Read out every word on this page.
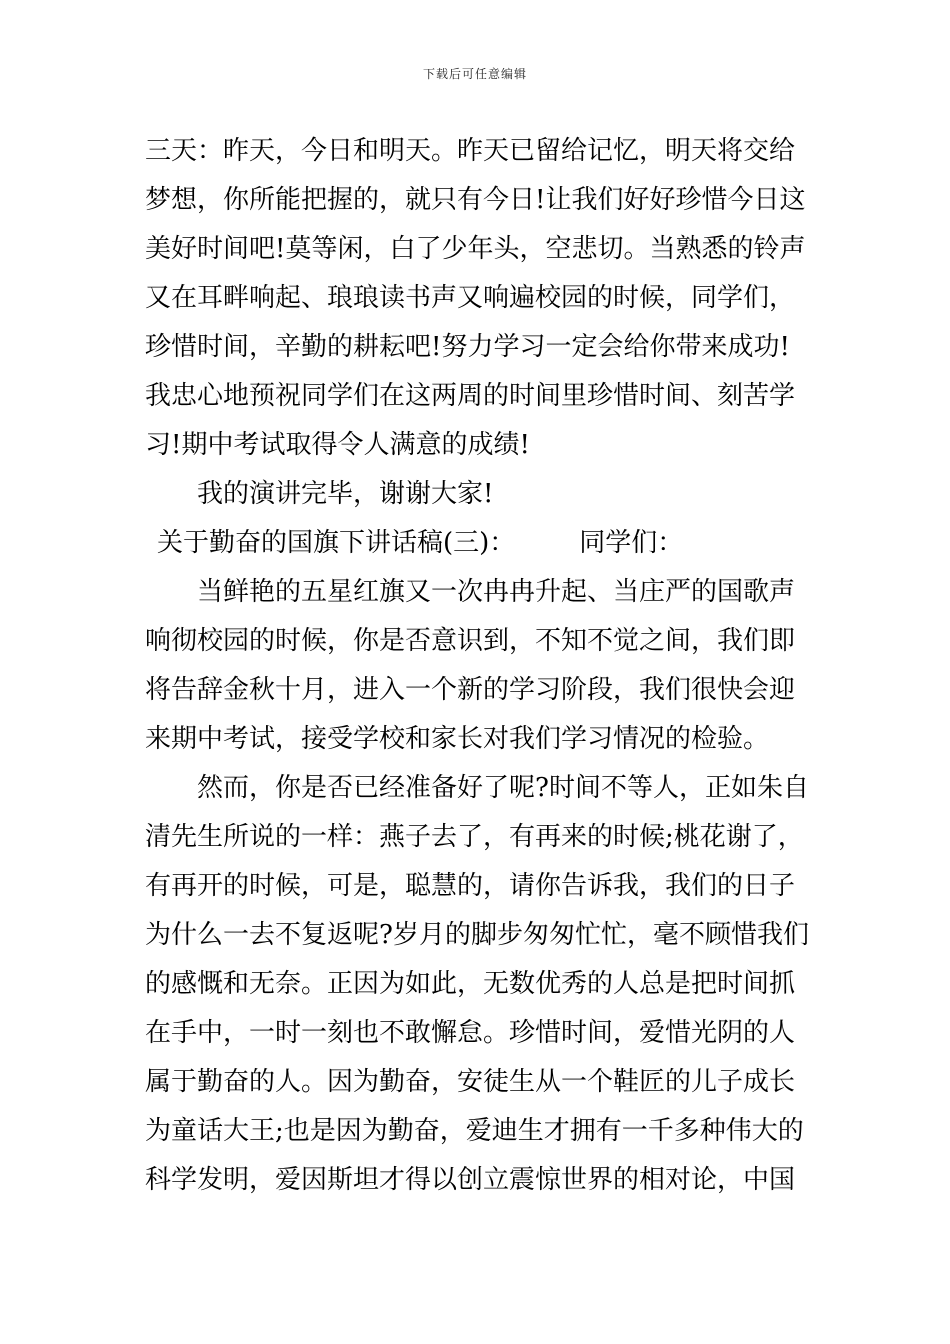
下载后可任意编辑
三天：昨天，今日和明天。昨天已留给记忆，明天将交给
梦想，你所能把握的，就只有今日!让我们好好珍惜今日这
美好时间吧!莫等闲，白了少年头，空悲切。当熟悉的铃声
又在耳畔响起、琅琅读书声又响遍校园的时候，同学们，
珍惜时间，辛勤的耕耘吧!努力学习一定会给你带来成功!
我忠心地预祝同学们在这两周的时间里珍惜时间、刻苦学
习!期中考试取得令人满意的成绩!
我的演讲完毕，谢谢大家!
关于勤奋的国旗下讲话稿(三)： 同学们：
当鲜艳的五星红旗又一次冉冉升起、当庄严的国歌声
响彻校园的时候，你是否意识到，不知不觉之间，我们即
将告辞金秋十月，进入一个新的学习阶段，我们很快会迎
来期中考试，接受学校和家长对我们学习情况的检验。
然而，你是否已经准备好了呢?时间不等人，正如朱自
清先生所说的一样：燕子去了，有再来的时候;桃花谢了，
有再开的时候，可是，聪慧的，请你告诉我，我们的日子
为什么一去不复返呢?岁月的脚步匆匆忙忙，毫不顾惜我们
的感慨和无奈。正因为如此，无数优秀的人总是把时间抓
在手中，一时一刻也不敢懈怠。珍惜时间，爱惜光阴的人
属于勤奋的人。因为勤奋，安徒生从一个鞋匠的儿子成长
为童话大王;也是因为勤奋，爱迪生才拥有一千多种伟大的
科学发明，爱因斯坦才得以创立震惊世界的相对论，中国
